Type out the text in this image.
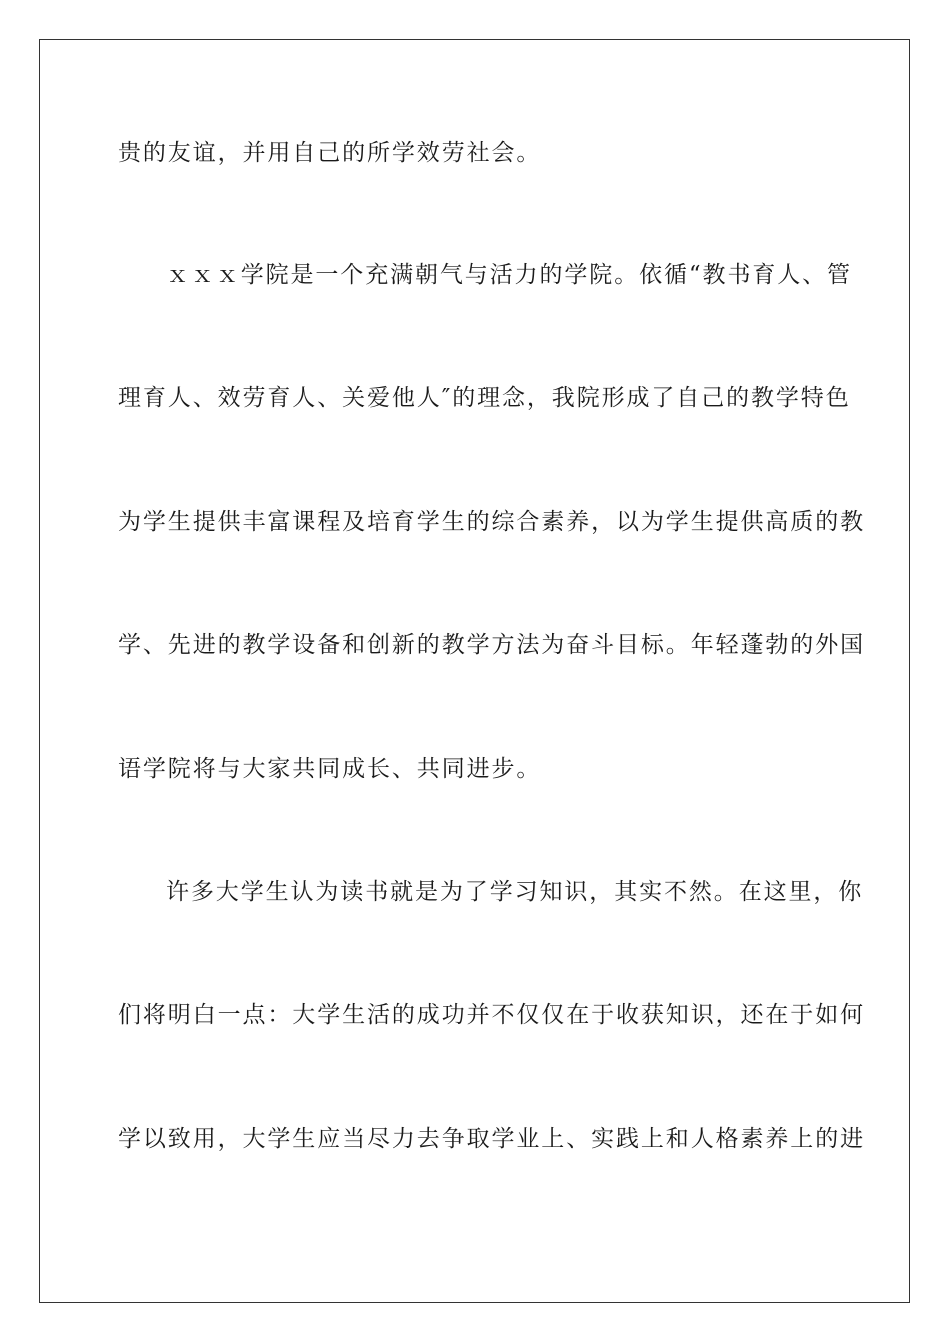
贵的友谊，并用自己的所学效劳社会。
ｘｘｘ学院是一个充满朝气与活力的学院。依循“教书育人、管
理育人、效劳育人、关爱他人″的理念，我院形成了自己的教学特色
为学生提供丰富课程及培育学生的综合素养，以为学生提供高质的教
学、先进的教学设备和创新的教学方法为奋斗目标。年轻蓬勃的外国
语学院将与大家共同成长、共同进步。
许多大学生认为读书就是为了学习知识，其实不然。在这里，你
们将明白一点：大学生活的成功并不仅仅在于收获知识，还在于如何
学以致用，大学生应当尽力去争取学业上、实践上和人格素养上的进
